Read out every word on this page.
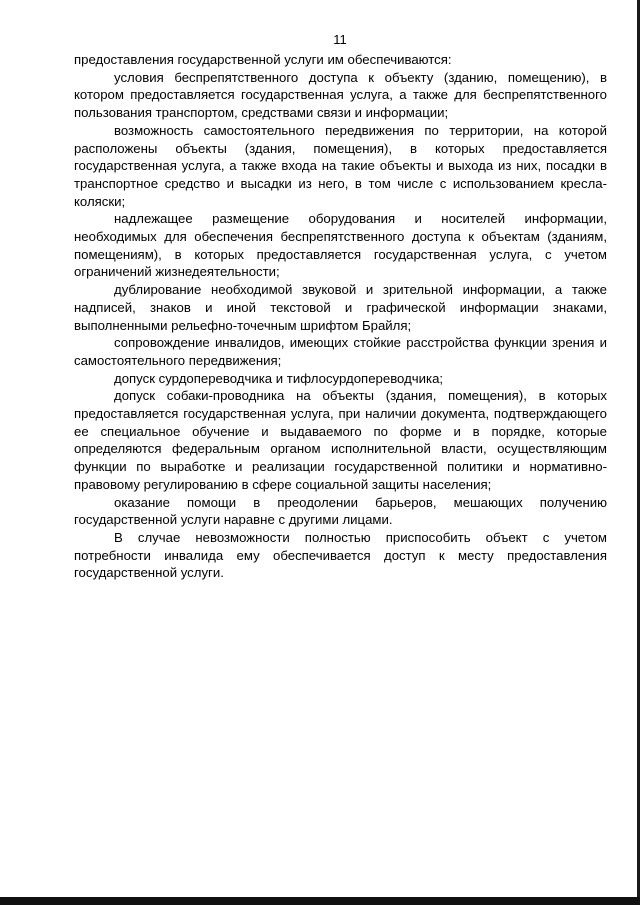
11

предоставления государственной услуги им обеспечиваются:

условия беспрепятственного доступа к объекту (зданию, помещению), в котором предоставляется государственная услуга, а также для беспрепятственного пользования транспортом, средствами связи и информации;

возможность самостоятельного передвижения по территории, на которой расположены объекты (здания, помещения), в которых предоставляется государственная услуга, а также входа на такие объекты и выхода из них, посадки в транспортное средство и высадки из него, в том числе с использованием кресла-коляски;

надлежащее размещение оборудования и носителей информации, необходимых для обеспечения беспрепятственного доступа к объектам (зданиям, помещениям), в которых предоставляется государственная услуга, с учетом ограничений жизнедеятельности;

дублирование необходимой звуковой и зрительной информации, а также надписей, знаков и иной текстовой и графической информации знаками, выполненными рельефно-точечным шрифтом Брайля;

сопровождение инвалидов, имеющих стойкие расстройства функции зрения и самостоятельного передвижения;

допуск сурдопереводчика и тифлосурдопереводчика;

допуск собаки-проводника на объекты (здания, помещения), в которых предоставляется государственная услуга, при наличии документа, подтверждающего ее специальное обучение и выдаваемого по форме и в порядке, которые определяются федеральным органом исполнительной власти, осуществляющим функции по выработке и реализации государственной политики и нормативно-правовому регулированию в сфере социальной защиты населения;

оказание помощи в преодолении барьеров, мешающих получению государственной услуги наравне с другими лицами.

В случае невозможности полностью приспособить объект с учетом потребности инвалида ему обеспечивается доступ к месту предоставления государственной услуги.
